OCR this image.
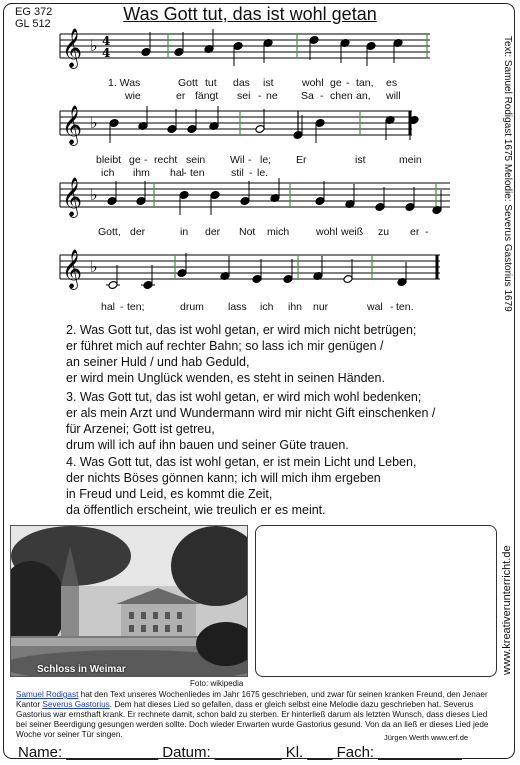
EG 372
GL 512	Was Gott tut, das ist wohl getan
Text: Samuel Rodigast 1675 Melodie: Severus Gastorius 1679
𝄞 ♭ 4
4
𝄞 ♭
𝄞 ♭
𝄞 ♭
1. Was	Gott tut das ist	wohl ge - tan, es
wie	er fängt sei - ne Sa - chen an, will
bleibt ge - recht sein Wil - le; Er	ist	mein
ich ihm hal
- ten	stil - le.
Gott, der	in der Not mich	wohl weiß zu er -
hal - ten;	drum lass ich ihn nur	wal - ten.
2. Was Gott tut, das ist wohl getan, er wird mich nicht betrügen;
er führet mich auf rechter Bahn; so lass ich mir genügen /
an seiner Huld / und hab Geduld,
er wird mein Unglück wenden, es steht in seinen Händen.
3. Was Gott tut, das ist wohl getan, er wird mich wohl bedenken;
er als mein Arzt und Wundermann wird mir nicht Gift einschenken /
für Arzenei; Gott ist getreu,
drum will ich auf ihn bauen und seiner Güte trauen.
4. Was Gott tut, das ist wohl getan, er ist mein Licht und Leben,
der nichts Böses gönnen kann; ich will mich ihm ergeben
in Freud und Leid, es kommt die Zeit,
da öffentlich erscheint, wie treulich er es meint.
Schloss in Weimar
Foto: wikipedia
www.kreativerunterricht.de
Samuel Rodigast hat den Text unseres Wochenliedes im Jahr 1675 geschrieben, und zwar für seinen kranken Freund, den Jenaer Kantor Severus Gastorius. Dem hat dieses Lied so gefallen, dass er gleich selbst eine Melodie dazu geschrieben hat. Severus Gastorius war ernsthaft krank. Er rechnete damit, schon bald zu sterben. Er hinterließ darum als letzten Wunsch, dass dieses Lied bei seiner Beerdigung gesungen werden sollte. Doch wieder Erwarten wurde Gastorius gesund. Von da an ließ er dieses Lied jede Woche vor seiner Tür singen.	Jürgen Werth www.erf.de
Name: ___________ Datum: ________ Kl. ___ Fach: __________
